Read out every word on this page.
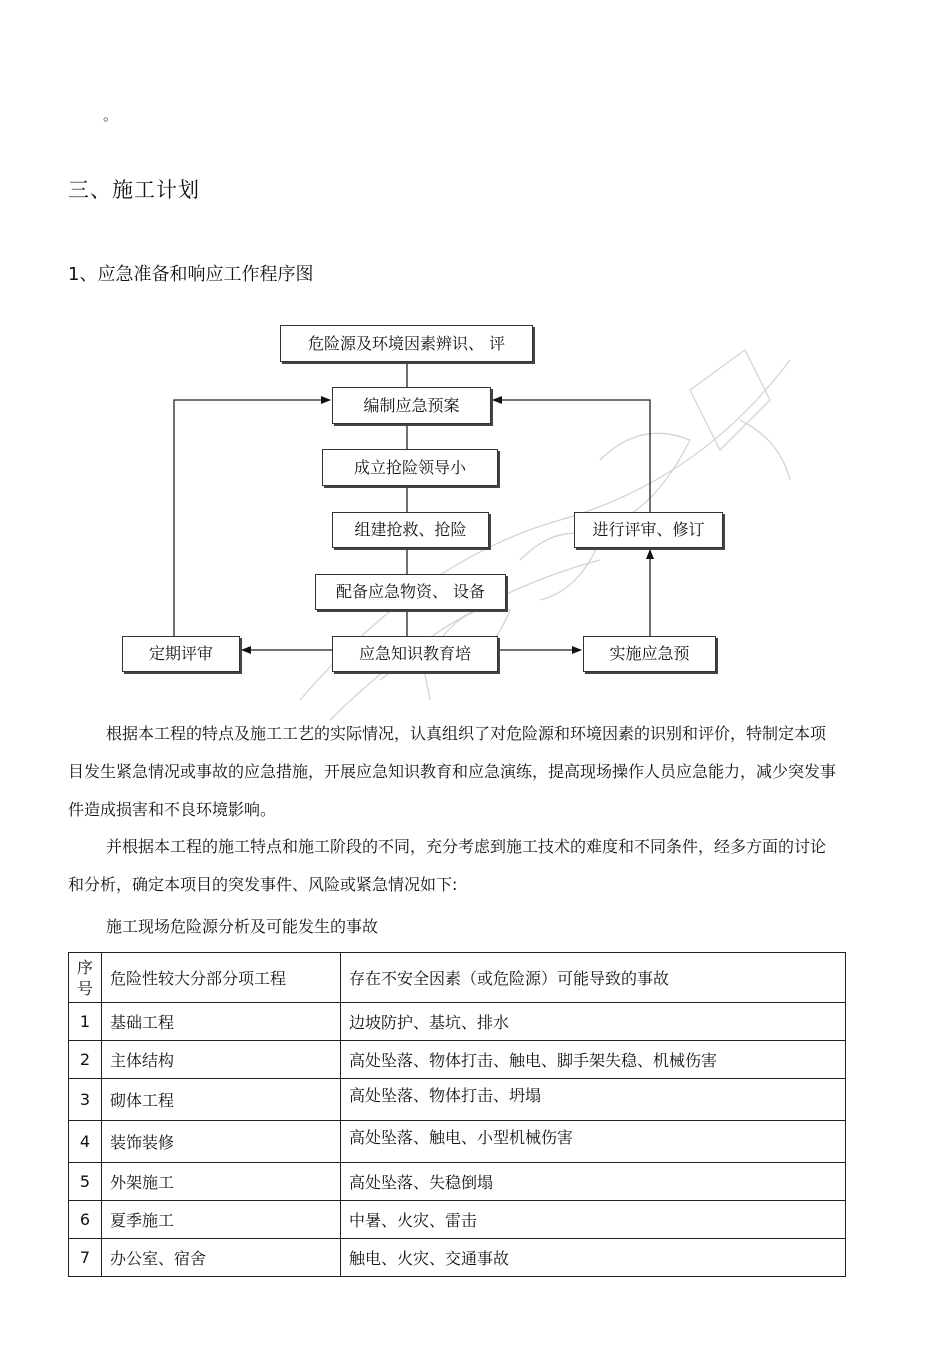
。
三、施工计划
1、应急准备和响应工作程序图
危险源及环境因素辨识、 评
编制应急预案
成立抢险领导小
组建抢救、抢险
配备应急物资、 设备
应急知识教育培
定期评审	实施应急预
进行评审、修订
根据本工程的特点及施工工艺的实际情况，认真组织了对危险源和环境因素的识别和评价，特制定本项目发生紧急情况或事故的应急措施，开展应急知识教育和应急演练，提高现场操作人员应急能力，减少突发事件造成损害和不良环境影响。
并根据本工程的施工特点和施工阶段的不同，充分考虑到施工技术的难度和不同条件，经多方面的讨论和分析，确定本项目的突发事件、风险或紧急情况如下:
施工现场危险源分析及可能发生的事故
序
号	危险性较大分部分项工程	存在不安全因素（或危险源）可能导致的事故
1	基础工程	边坡防护、基坑、排水
2	主体结构	高处坠落、物体打击、触电、脚手架失稳、机械伤害
3	砌体工程	高处坠落、物体打击、坍塌
4	装饰装修	高处坠落、触电、小型机械伤害
5	外架施工	高处坠落、失稳倒塌
6	夏季施工	中暑、火灾、雷击
7	办公室、宿舍	触电、火灾、交通事故
